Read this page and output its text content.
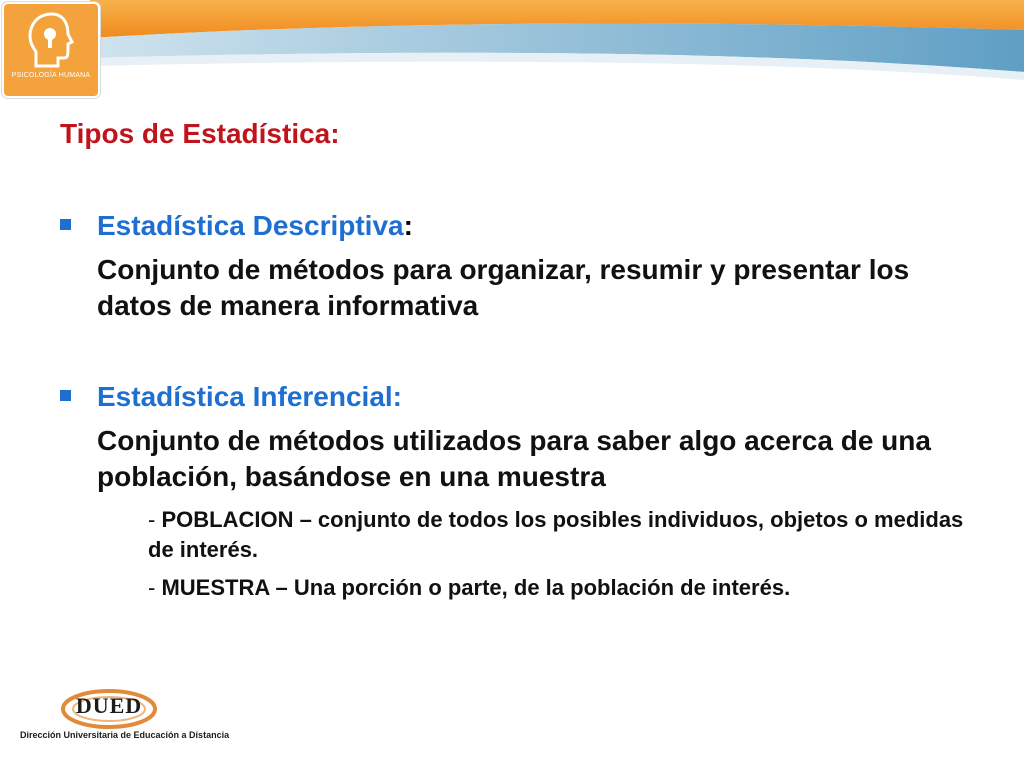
PSICOLOGÍA HUMANA
Tipos de Estadística:
Estadística Descriptiva:

Conjunto de métodos para organizar, resumir y presentar los datos de manera informativa

Estadística Inferencial:

Conjunto de métodos utilizados para saber algo acerca de una población, basándose en una muestra

- POBLACION – conjunto de todos los posibles individuos, objetos o medidas de interés.

- MUESTRA – Una porción o parte, de la población de interés.

DUED
Dirección Universitaria de Educación a Distancia
